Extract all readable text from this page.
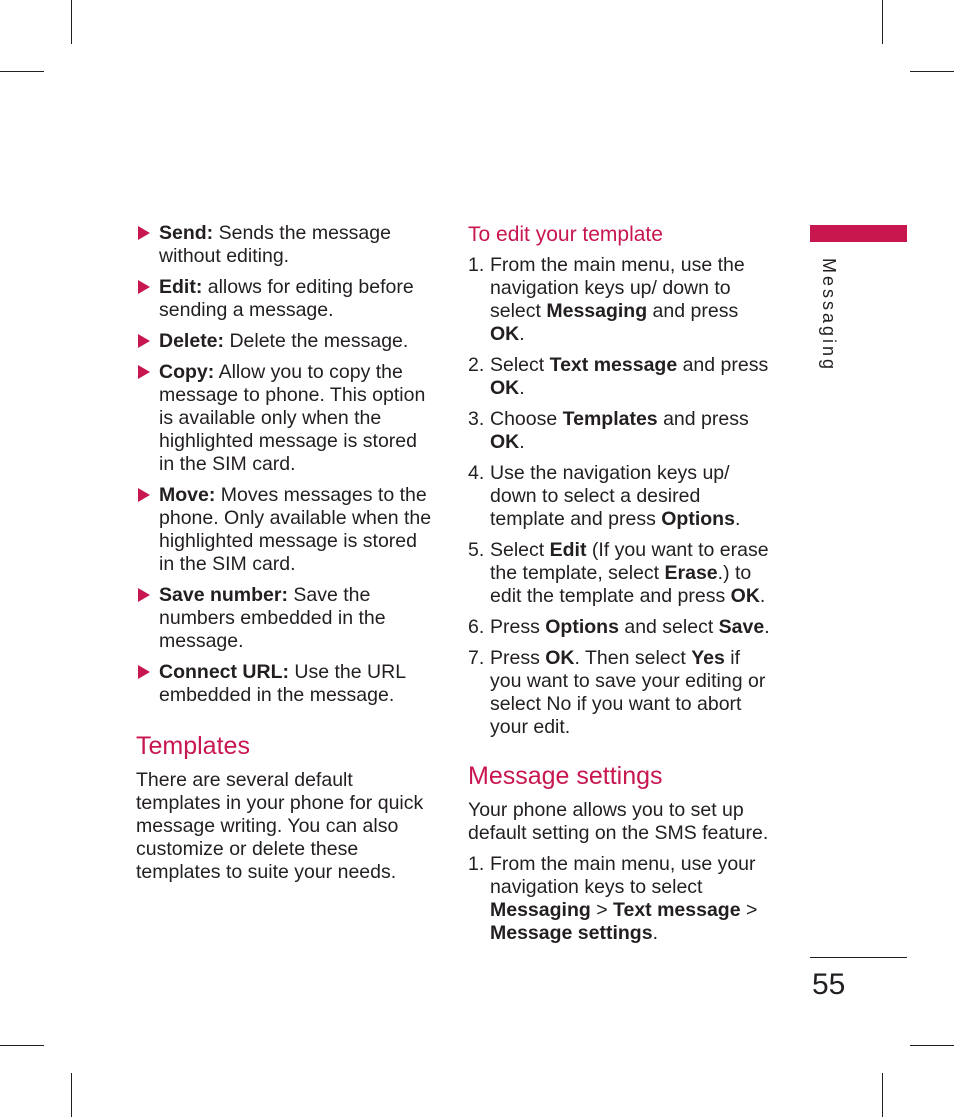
Send: Sends the message without editing.
Edit: allows for editing before sending a message.
Delete: Delete the message.
Copy: Allow you to copy the message to phone. This option is available only when the highlighted message is stored in the SIM card.
Move: Moves messages to the phone. Only available when the highlighted message is stored in the SIM card.
Save number: Save the numbers embedded in the message.
Connect URL: Use the URL embedded in the message.
Templates

There are several default templates in your phone for quick message writing. You can also customize or delete these templates to suite your needs.

To edit your template
1. From the main menu, use the navigation keys up/ down to select Messaging and press OK.
2. Select Text message and press OK.
3. Choose Templates and press OK.
4. Use the navigation keys up/ down to select a desired template and press Options.
5. Select Edit (If you want to erase the template, select Erase.) to edit the template and press OK.
6. Press Options and select Save.
7. Press OK. Then select Yes if you want to save your editing or select No if you want to abort your edit.
Message settings

Your phone allows you to set up default setting on the SMS feature.

1. From the main menu, use your navigation keys to select Messaging > Text message > Message settings.
Messaging
55
